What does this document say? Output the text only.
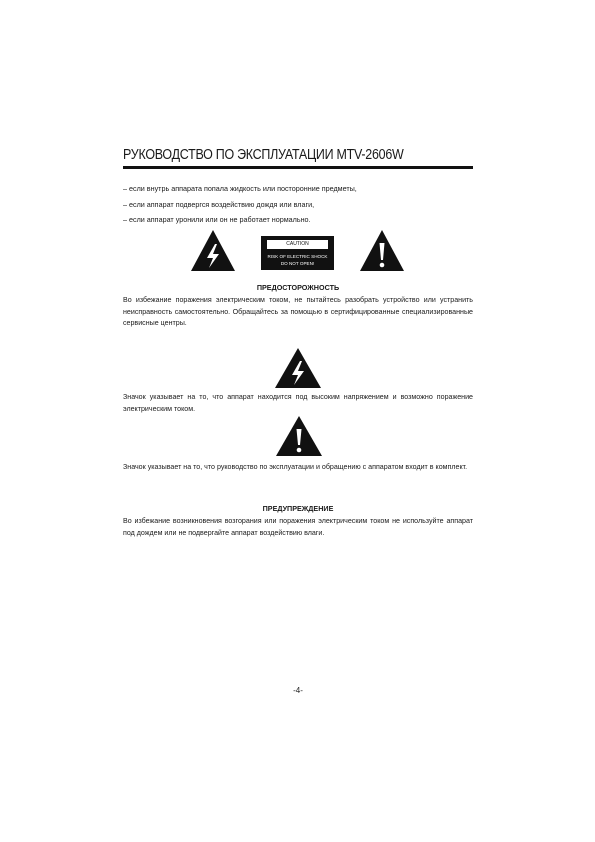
РУКОВОДСТВО ПО ЭКСПЛУАТАЦИИ MTV-2606W
– если внутрь аппарата попала жидкость или посторонние предметы,
– если аппарат подвергся воздействию дождя или влаги,
– если аппарат уронили или он не работает нормально.
CAUTION
RISK OF ELECTRIC SHOCK
DO NOT OPEN!
ПРЕДОСТОРОЖНОСТЬ
Во избежание поражения электрическим током, не пытайтесь разобрать устройство или устранить неисправность самостоятельно. Обращайтесь за помощью в сертифицированные специализированные сервисные центры.
Значок указывает на то, что аппарат находится под высоким напряжением и возможно поражение электрическим током.
Значок указывает на то, что руководство по эксплуатации и обращению с аппаратом входит в комплект.
ПРЕДУПРЕЖДЕНИЕ
Во избежание возникновения возгорания или поражения электрическим током не используйте аппарат под дождем или не подвергайте аппарат воздействию влаги.
-4-
